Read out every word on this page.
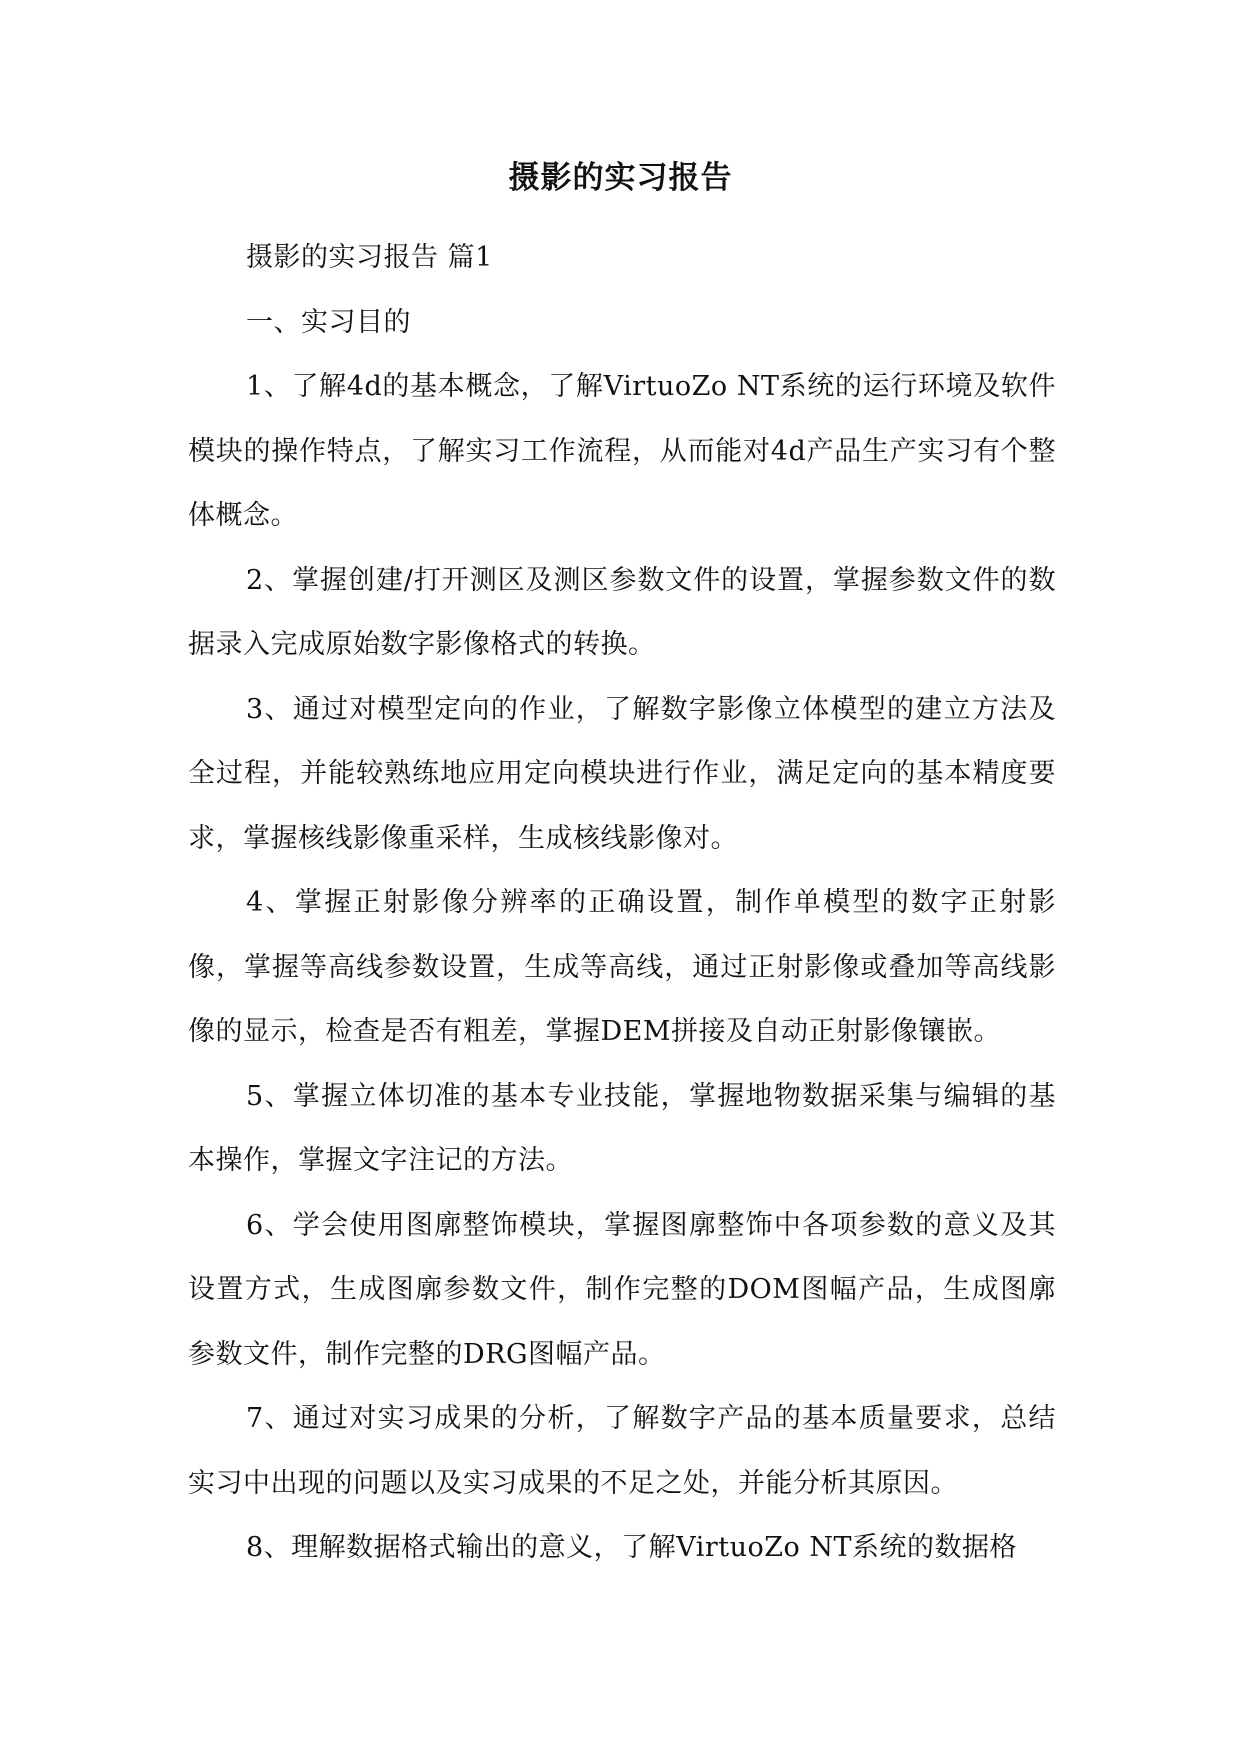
摄影的实习报告

摄影的实习报告 篇1

一、实习目的

1、了解4d的基本概念，了解VirtuoZo NT系统的运行环境及软件模块的操作特点，了解实习工作流程，从而能对4d产品生产实习有个整体概念。

2、掌握创建/打开测区及测区参数文件的设置，掌握参数文件的数据录入完成原始数字影像格式的转换。

3、通过对模型定向的作业，了解数字影像立体模型的建立方法及全过程，并能较熟练地应用定向模块进行作业，满足定向的基本精度要求，掌握核线影像重采样，生成核线影像对。

4、掌握正射影像分辨率的正确设置，制作单模型的数字正射影像，掌握等高线参数设置，生成等高线，通过正射影像或叠加等高线影像的显示，检查是否有粗差，掌握DEM拼接及自动正射影像镶嵌。

5、掌握立体切准的基本专业技能，掌握地物数据采集与编辑的基本操作，掌握文字注记的方法。

6、学会使用图廓整饰模块，掌握图廓整饰中各项参数的意义及其设置方式，生成图廓参数文件，制作完整的DOM图幅产品，生成图廓参数文件，制作完整的DRG图幅产品。

7、通过对实习成果的分析，了解数字产品的基本质量要求，总结实习中出现的问题以及实习成果的不足之处，并能分析其原因。

8、理解数据格式输出的意义，了解VirtuoZo NT系统的数据格
